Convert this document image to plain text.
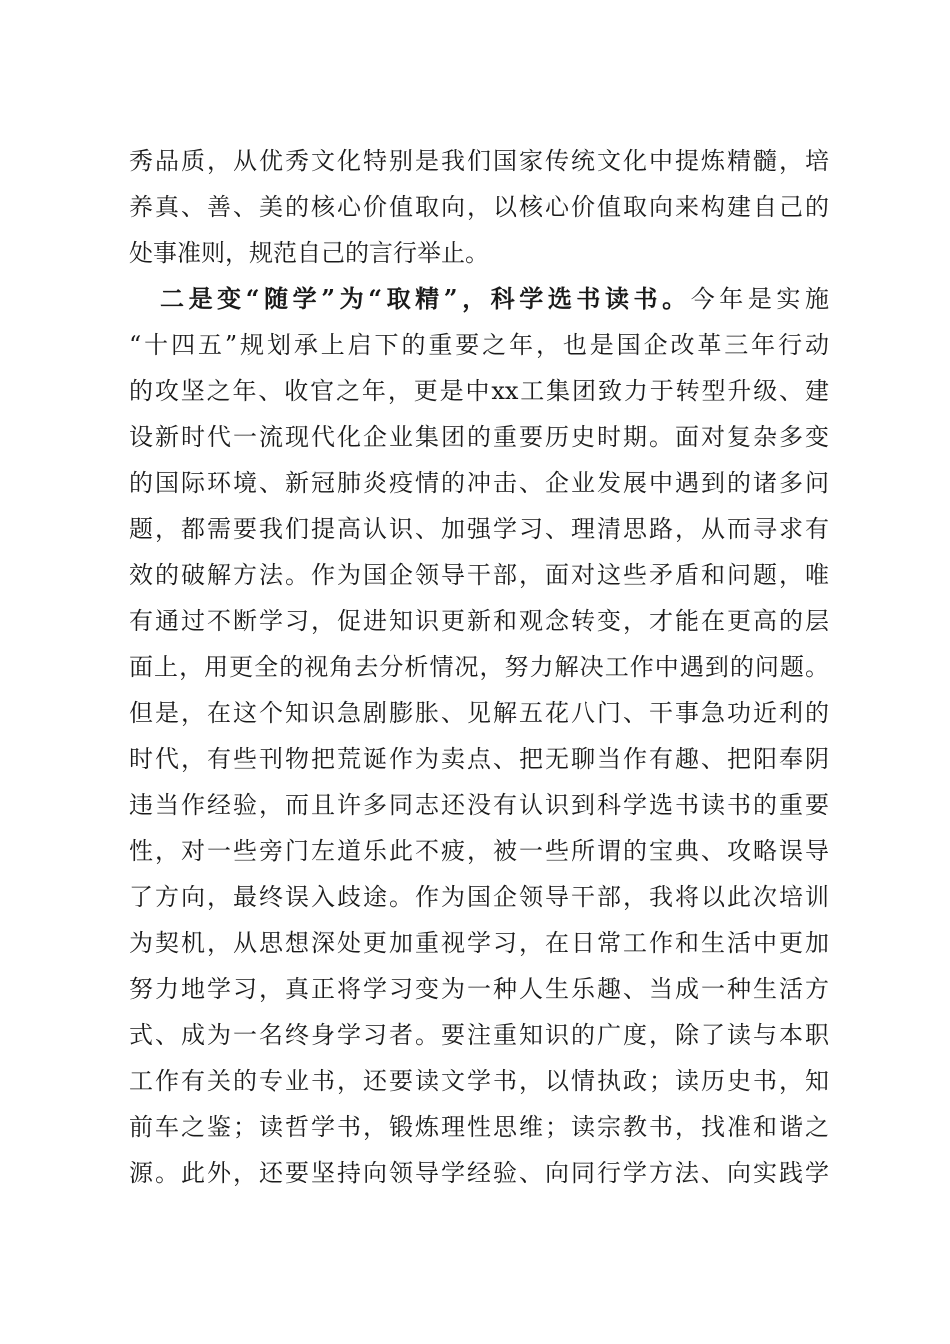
秀品质，从优秀文化特别是我们国家传统文化中提炼精髓，培
养真、善、美的核心价值取向，以核心价值取向来构建自己的
处事准则，规范自己的言行举止。
二是变“随学”为“取精”，科学选书读书。今年是实施
“十四五”规划承上启下的重要之年，也是国企改革三年行动
的攻坚之年、收官之年，更是中xx工集团致力于转型升级、建
设新时代一流现代化企业集团的重要历史时期。面对复杂多变
的国际环境、新冠肺炎疫情的冲击、企业发展中遇到的诸多问
题，都需要我们提高认识、加强学习、理清思路，从而寻求有
效的破解方法。作为国企领导干部，面对这些矛盾和问题，唯
有通过不断学习，促进知识更新和观念转变，才能在更高的层
面上，用更全的视角去分析情况，努力解决工作中遇到的问题。
但是，在这个知识急剧膨胀、见解五花八门、干事急功近利的
时代，有些刊物把荒诞作为卖点、把无聊当作有趣、把阳奉阴
违当作经验，而且许多同志还没有认识到科学选书读书的重要
性，对一些旁门左道乐此不疲，被一些所谓的宝典、攻略误导
了方向，最终误入歧途。作为国企领导干部，我将以此次培训
为契机，从思想深处更加重视学习，在日常工作和生活中更加
努力地学习，真正将学习变为一种人生乐趣、当成一种生活方
式、成为一名终身学习者。要注重知识的广度，除了读与本职
工作有关的专业书，还要读文学书，以情执政；读历史书，知
前车之鉴；读哲学书，锻炼理性思维；读宗教书，找准和谐之
源。此外，还要坚持向领导学经验、向同行学方法、向实践学
